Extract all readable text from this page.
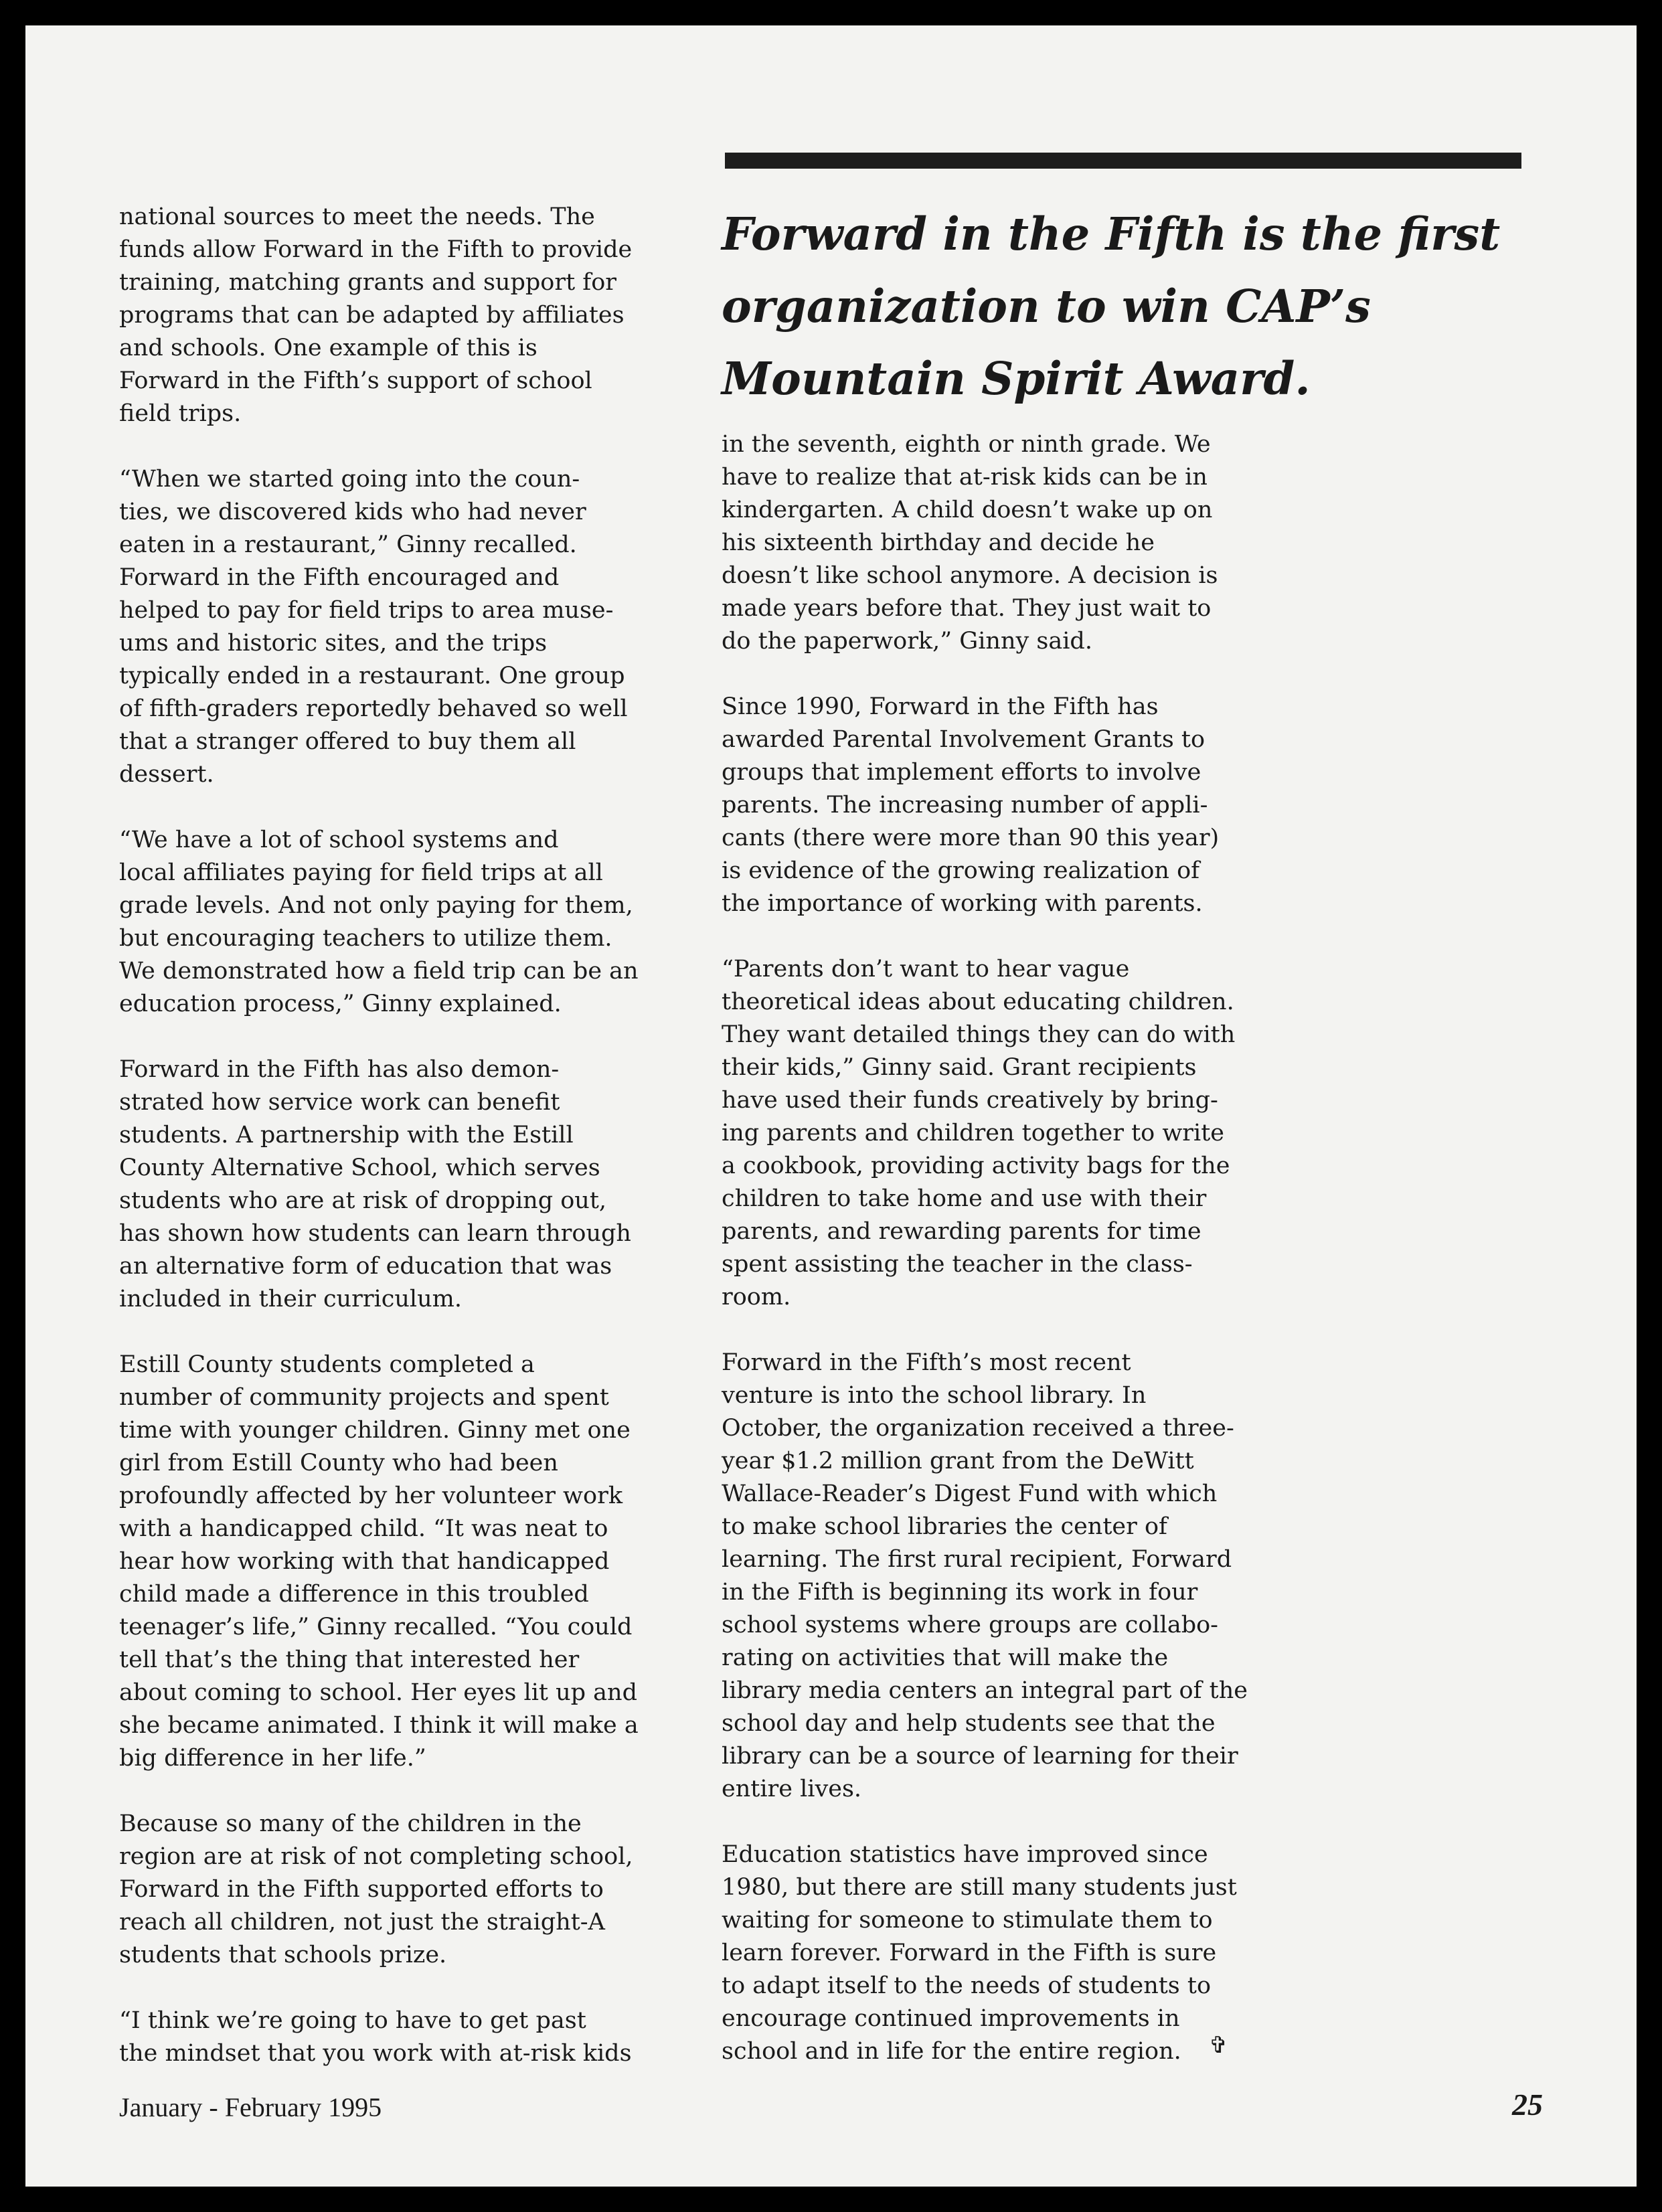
national sources to meet the needs. The
funds allow Forward in the Fifth to provide
training, matching grants and support for
programs that can be adapted by affiliates
and schools. One example of this is
Forward in the Fifth’s support of school
field trips.
“When we started going into the coun-
ties, we discovered kids who had never
eaten in a restaurant,” Ginny recalled.
Forward in the Fifth encouraged and
helped to pay for field trips to area muse-
ums and historic sites, and the trips
typically ended in a restaurant. One group
of fifth-graders reportedly behaved so well
that a stranger offered to buy them all
dessert.
“We have a lot of school systems and
local affiliates paying for field trips at all
grade levels. And not only paying for them,
but encouraging teachers to utilize them.
We demonstrated how a field trip can be an
education process,” Ginny explained.
Forward in the Fifth has also demon-
strated how service work can benefit
students. A partnership with the Estill
County Alternative School, which serves
students who are at risk of dropping out,
has shown how students can learn through
an alternative form of education that was
included in their curriculum.
Estill County students completed a
number of community projects and spent
time with younger children. Ginny met one
girl from Estill County who had been
profoundly affected by her volunteer work
with a handicapped child. “It was neat to
hear how working with that handicapped
child made a difference in this troubled
teenager’s life,” Ginny recalled. “You could
tell that’s the thing that interested her
about coming to school. Her eyes lit up and
she became animated. I think it will make a
big difference in her life.”
Because so many of the children in the
region are at risk of not completing school,
Forward in the Fifth supported efforts to
reach all children, not just the straight-A
students that schools prize.
“I think we’re going to have to get past
the mindset that you work with at-risk kids
Forward in the Fifth is the first
organization to win CAP’s
Mountain Spirit Award.
in the seventh, eighth or ninth grade. We
have to realize that at-risk kids can be in
kindergarten. A child doesn’t wake up on
his sixteenth birthday and decide he
doesn’t like school anymore. A decision is
made years before that. They just wait to
do the paperwork,” Ginny said.
Since 1990, Forward in the Fifth has
awarded Parental Involvement Grants to
groups that implement efforts to involve
parents. The increasing number of appli-
cants (there were more than 90 this year)
is evidence of the growing realization of
the importance of working with parents.
“Parents don’t want to hear vague
theoretical ideas about educating children.
They want detailed things they can do with
their kids,” Ginny said. Grant recipients
have used their funds creatively by bring-
ing parents and children together to write
a cookbook, providing activity bags for the
children to take home and use with their
parents, and rewarding parents for time
spent assisting the teacher in the class-
room.
Forward in the Fifth’s most recent
venture is into the school library. In
October, the organization received a three-
year $1.2 million grant from the DeWitt
Wallace-Reader’s Digest Fund with which
to make school libraries the center of
learning. The first rural recipient, Forward
in the Fifth is beginning its work in four
school systems where groups are collabo-
rating on activities that will make the
library media centers an integral part of the
school day and help students see that the
library can be a source of learning for their
entire lives.
Education statistics have improved since
1980, but there are still many students just
waiting for someone to stimulate them to
learn forever. Forward in the Fifth is sure
to adapt itself to the needs of students to
encourage continued improvements in
school and in life for the entire region.	✞
January - February 1995	25
